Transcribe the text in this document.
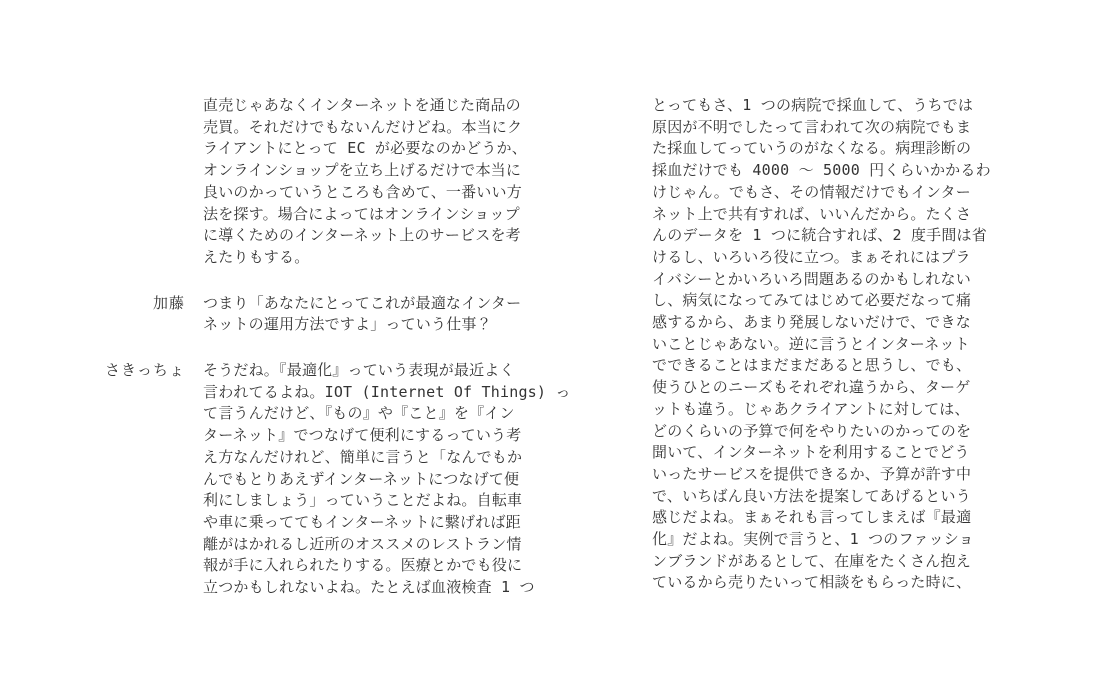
直売じゃあなくインターネットを通じた商品の
売買。それだけでもないんだけどね。本当にク
ライアントにとって EC が必要なのかどうか、
オンラインショップを立ち上げるだけで本当に
良いのかっていうところも含めて、一番いい方
法を探す。場合によってはオンラインショップ
に導くためのインターネット上のサービスを考
えたりもする。
加藤 つまり「あなたにとってこれが最適なインター
ネットの運用方法ですよ」っていう仕事？
さきっちょ そうだね。『最適化』っていう表現が最近よく
言われてるよね。IOT (Internet Of Things) っ
て言うんだけど、『もの』や『こと』を『イン
ターネット』でつなげて便利にするっていう考
え方なんだけれど、簡単に言うと「なんでもか
んでもとりあえずインターネットにつなげて便
利にしましょう」っていうことだよね。自転車
や車に乗っててもインターネットに繋げれば距
離がはかれるし近所のオススメのレストラン情
報が手に入れられたりする。医療とかでも役に
立つかもしれないよね。たとえば血液検査 1 つ
とってもさ、1 つの病院で採血して、うちでは
原因が不明でしたって言われて次の病院でもま
た採血してっていうのがなくなる。病理診断の
採血だけでも 4000 ～ 5000 円くらいかかるわ
けじゃん。でもさ、その情報だけでもインター
ネット上で共有すれば、いいんだから。たくさ
んのデータを 1 つに統合すれば、2 度手間は省
けるし、いろいろ役に立つ。まぁそれにはプラ
イバシーとかいろいろ問題あるのかもしれない
し、病気になってみてはじめて必要だなって痛
感するから、あまり発展しないだけで、できな
いことじゃあない。逆に言うとインターネット
でできることはまだまだあると思うし、でも、
使うひとのニーズもそれぞれ違うから、ターゲ
ットも違う。じゃあクライアントに対しては、
どのくらいの予算で何をやりたいのかってのを
聞いて、インターネットを利用することでどう
いったサービスを提供できるか、予算が許す中
で、いちばん良い方法を提案してあげるという
感じだよね。まぁそれも言ってしまえば『最適
化』だよね。実例で言うと、1 つのファッショ
ンブランドがあるとして、在庫をたくさん抱え
ているから売りたいって相談をもらった時に、
